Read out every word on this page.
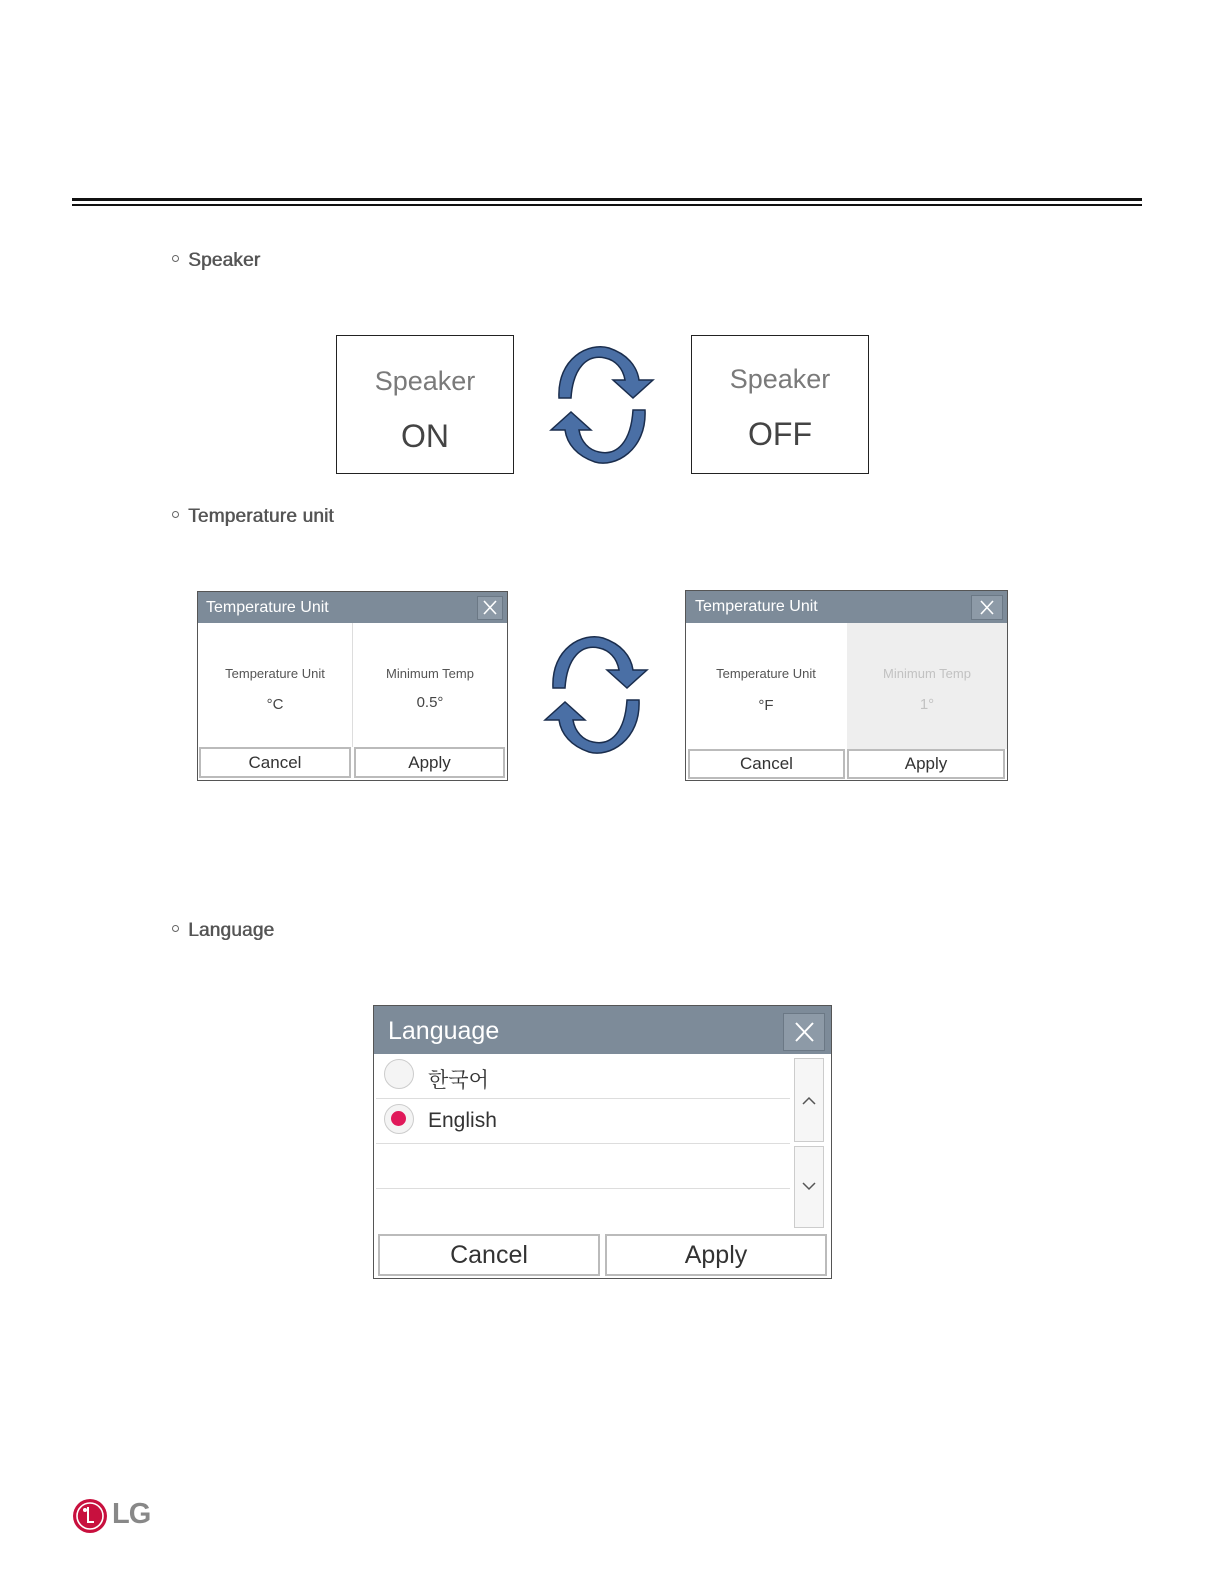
Speaker
Speaker
ON
Speaker
OFF
Temperature unit
Temperature Unit
Temperature Unit
°C
Minimum Temp
0.5°
Cancel	Apply
Temperature Unit
Temperature Unit
°F
Minimum Temp
1°
Cancel	Apply
Language
Language
한국어
English
Cancel	Apply
LG
